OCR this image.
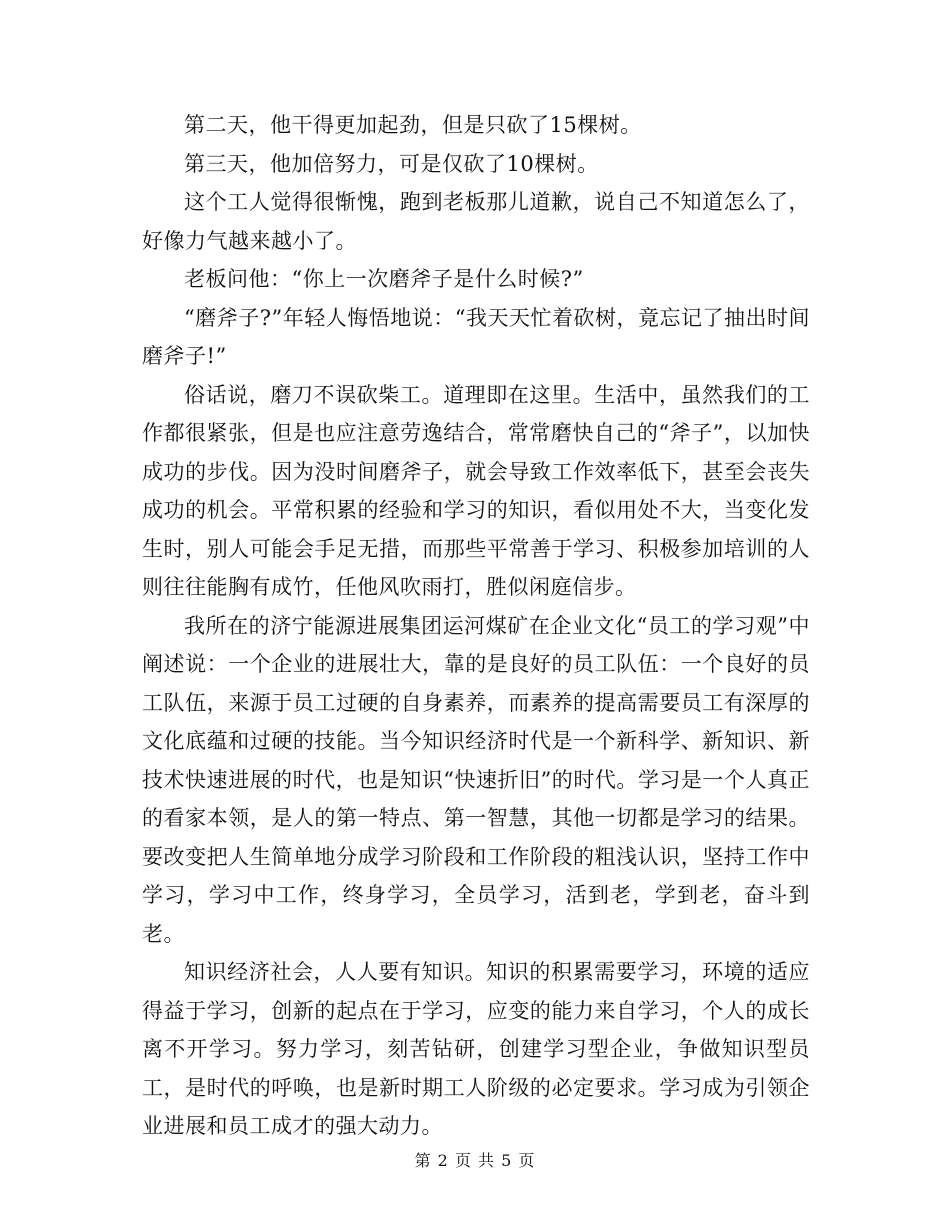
第二天，他干得更加起劲，但是只砍了15棵树。

第三天，他加倍努力，可是仅砍了10棵树。

这个工人觉得很惭愧，跑到老板那儿道歉，说自己不知道怎么了，好像力气越来越小了。

老板问他：“你上一次磨斧子是什么时候?”

“磨斧子?”年轻人悔悟地说：“我天天忙着砍树，竟忘记了抽出时间磨斧子!”

俗话说，磨刀不误砍柴工。道理即在这里。生活中，虽然我们的工作都很紧张，但是也应注意劳逸结合，常常磨快自己的“斧子”，以加快成功的步伐。因为没时间磨斧子，就会导致工作效率低下，甚至会丧失成功的机会。平常积累的经验和学习的知识，看似用处不大，当变化发生时，别人可能会手足无措，而那些平常善于学习、积极参加培训的人则往往能胸有成竹，任他风吹雨打，胜似闲庭信步。

我所在的济宁能源进展集团运河煤矿在企业文化“员工的学习观”中阐述说：一个企业的进展壮大，靠的是良好的员工队伍：一个良好的员工队伍，来源于员工过硬的自身素养，而素养的提高需要员工有深厚的文化底蕴和过硬的技能。当今知识经济时代是一个新科学、新知识、新技术快速进展的时代，也是知识“快速折旧”的时代。学习是一个人真正的看家本领，是人的第一特点、第一智慧，其他一切都是学习的结果。要改变把人生简单地分成学习阶段和工作阶段的粗浅认识，坚持工作中学习，学习中工作，终身学习，全员学习，活到老，学到老，奋斗到老。

知识经济社会，人人要有知识。知识的积累需要学习，环境的适应得益于学习，创新的起点在于学习，应变的能力来自学习，个人的成长离不开学习。努力学习，刻苦钻研，创建学习型企业，争做知识型员工，是时代的呼唤，也是新时期工人阶级的必定要求。学习成为引领企业进展和员工成才的强大动力。

第 2 页 共 5 页
